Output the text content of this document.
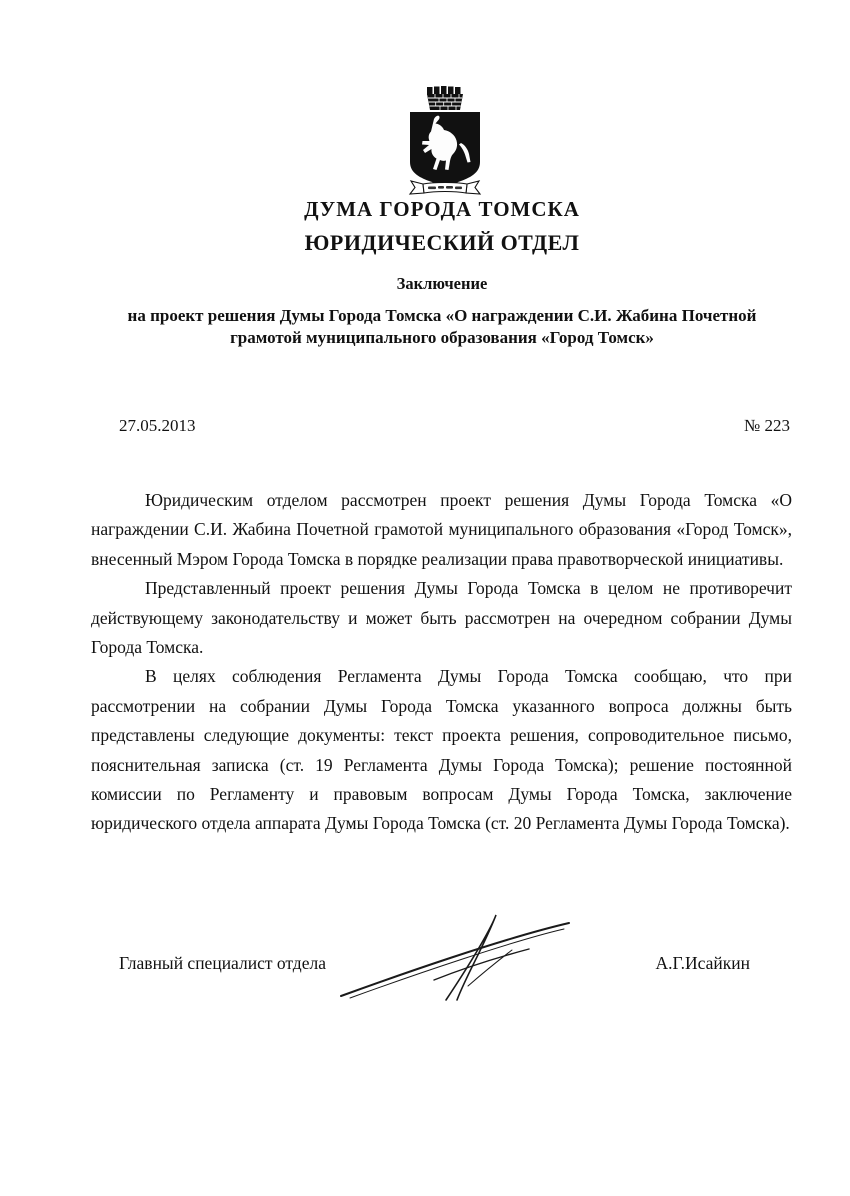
ДУМА ГОРОДА ТОМСКА
ЮРИДИЧЕСКИЙ ОТДЕЛ
Заключение
на проект решения Думы Города Томска «О награждении С.И. Жабина Почетной
грамотой муниципального образования «Город Томск»
27.05.2013	№ 223

Юридическим отделом рассмотрен проект решения Думы Города Томска «О награждении С.И. Жабина Почетной грамотой муниципального образования «Город Томск», внесенный Мэром Города Томска в порядке реализации права правотворческой инициативы.

Представленный проект решения Думы Города Томска в целом не противоречит действующему законодательству и может быть рассмотрен на очередном собрании Думы Города Томска.

В целях соблюдения Регламента Думы Города Томска сообщаю, что при рассмотрении на собрании Думы Города Томска указанного вопроса должны быть представлены следующие документы: текст проекта решения, сопроводительное письмо, пояснительная записка (ст. 19 Регламента Думы Города Томска); решение постоянной комиссии по Регламенту и правовым вопросам Думы Города Томска, заключение юридического отдела аппарата Думы Города Томска (ст. 20 Регламента Думы Города Томска).

Главный специалист отдела	А.Г.Исайкин
